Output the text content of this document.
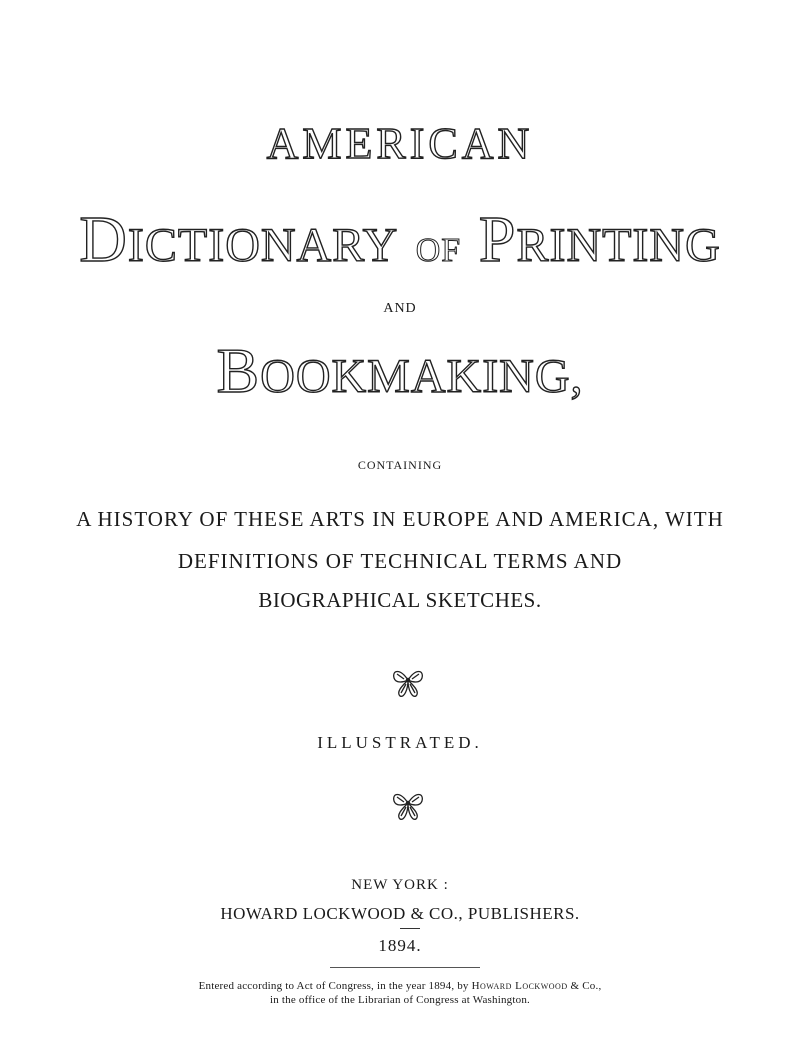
AMERICAN
DICTIONARY OF PRINTING
AND
BOOKMAKING,
CONTAINING
A HISTORY OF THESE ARTS IN EUROPE AND AMERICA, WITH
DEFINITIONS OF TECHNICAL TERMS AND
BIOGRAPHICAL SKETCHES.
ILLUSTRATED.
NEW YORK :
HOWARD LOCKWOOD & CO., PUBLISHERS.
1894.
Entered according to Act of Congress, in the year 1894, by Howard Lockwood & Co.,
in the office of the Librarian of Congress at Washington.
